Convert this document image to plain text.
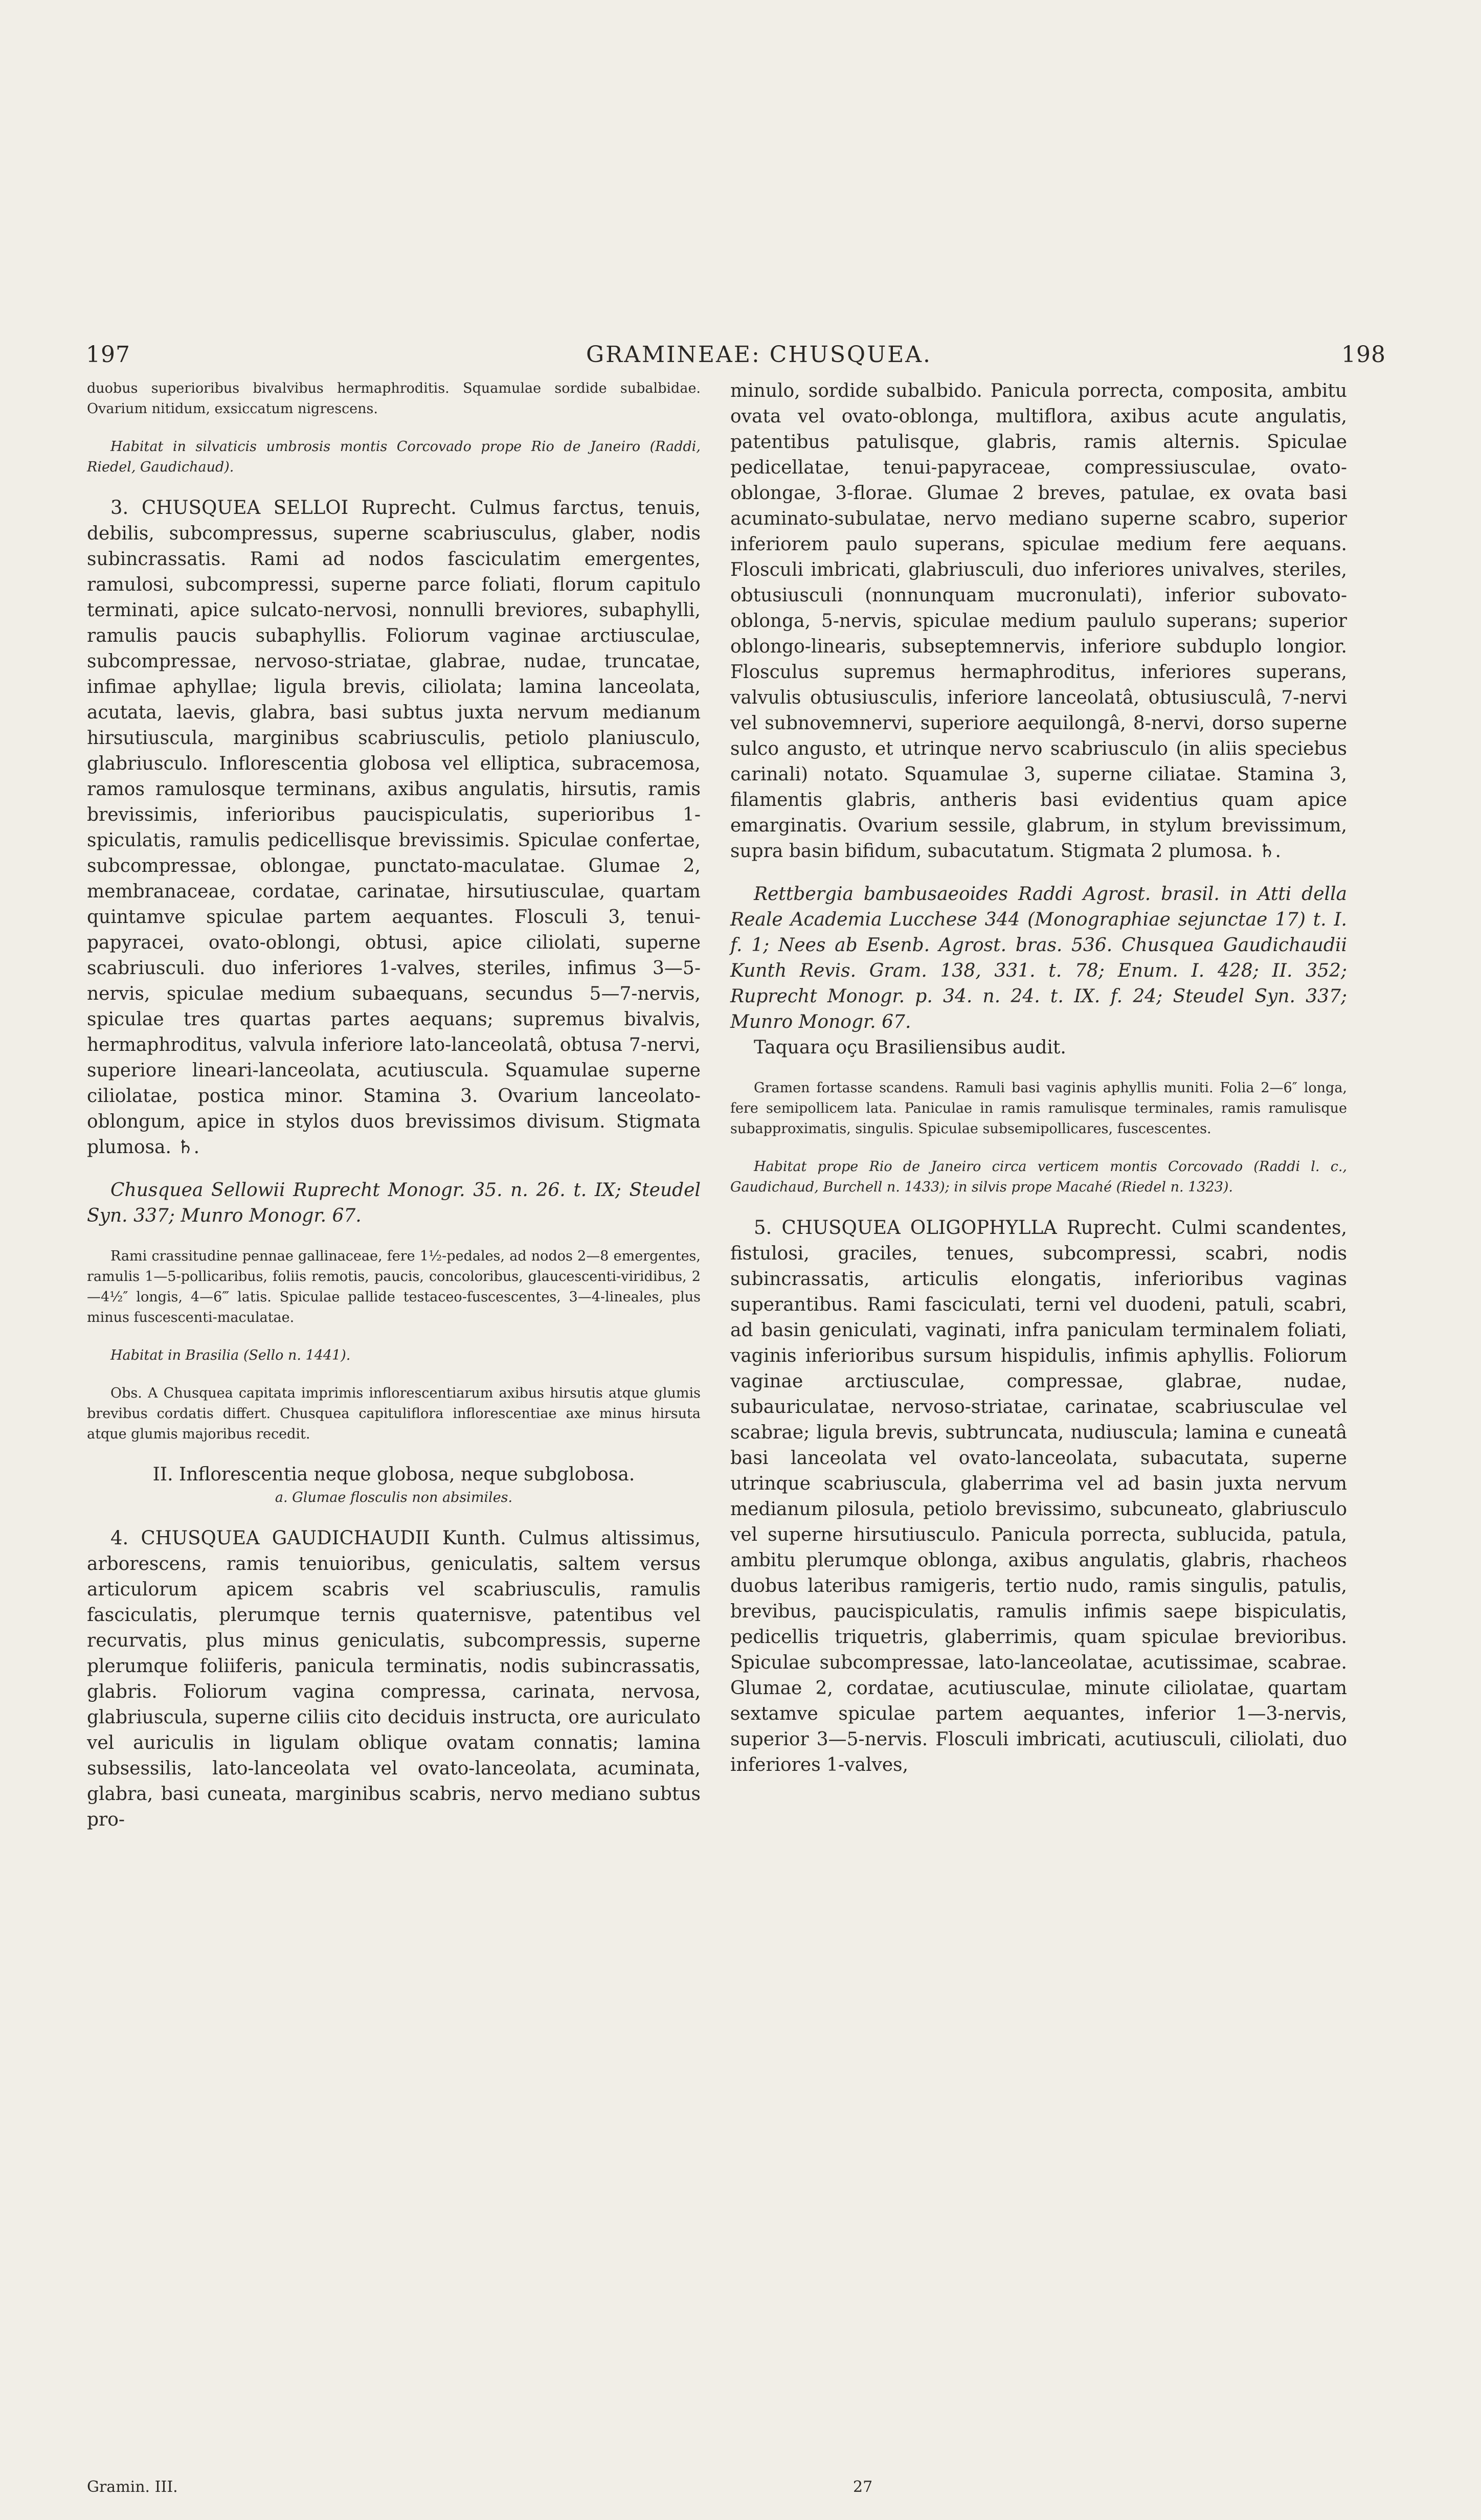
197	GRAMINEAE: CHUSQUEA.	198

duobus superioribus bivalvibus hermaphroditis. Squamulae sordide subalbidae. Ovarium nitidum, exsiccatum nigrescens.

Habitat in silvaticis umbrosis montis Corcovado prope Rio de Janeiro (Raddi, Riedel, Gaudichaud).

3. CHUSQUEA SELLOI Ruprecht. Culmus farctus, tenuis, debilis, subcompressus, superne scabriusculus, glaber, nodis subincrassatis. Rami ad nodos fasciculatim emergentes, ramulosi, subcompressi, superne parce foliati, florum capitulo terminati, apice sulcato-nervosi, nonnulli breviores, subaphylli, ramulis paucis subaphyllis. Foliorum vaginae arctiusculae, subcompressae, nervoso-striatae, glabrae, nudae, truncatae, infimae aphyllae; ligula brevis, ciliolata; lamina lanceolata, acutata, laevis, glabra, basi subtus juxta nervum medianum hirsutiuscula, marginibus scabriusculis, petiolo planiusculo, glabriusculo. Inflorescentia globosa vel elliptica, subracemosa, ramos ramulosque terminans, axibus angulatis, hirsutis, ramis brevissimis, inferioribus paucispiculatis, superioribus 1-spiculatis, ramulis pedicellisque brevissimis. Spiculae confertae, subcompressae, oblongae, punctato-maculatae. Glumae 2, membranaceae, cordatae, carinatae, hirsutiusculae, quartam quintamve spiculae partem aequantes. Flosculi 3, tenui-papyracei, ovato-oblongi, obtusi, apice ciliolati, superne scabriusculi. duo inferiores 1-valves, steriles, infimus 3—5-nervis, spiculae medium subaequans, secundus 5—7-nervis, spiculae tres quartas partes aequans; supremus bivalvis, hermaphroditus, valvula inferiore lato-lanceolatâ, obtusa 7-nervi, superiore lineari-lanceolata, acutiuscula. Squamulae superne ciliolatae, postica minor. Stamina 3. Ovarium lanceolato-oblongum, apice in stylos duos brevissimos divisum. Stigmata plumosa. ♄.

Chusquea Sellowii Ruprecht Monogr. 35. n. 26. t. IX; Steudel Syn. 337; Munro Monogr. 67.

Rami crassitudine pennae gallinaceae, fere 1½-pedales, ad nodos 2—8 emergentes, ramulis 1—5-pollicaribus, foliis remotis, paucis, concoloribus, glaucescenti-viridibus, 2—4½″ longis, 4—6‴ latis. Spiculae pallide testaceo-fuscescentes, 3—4-lineales, plus minus fuscescenti-maculatae.

Habitat in Brasilia (Sello n. 1441).

Obs. A Chusquea capitata imprimis inflorescentiarum axibus hirsutis atque glumis brevibus cordatis differt. Chusquea capituliflora inflorescentiae axe minus hirsuta atque glumis majoribus recedit.

II. Inflorescentia neque globosa, neque subglobosa.

a. Glumae flosculis non absimiles.

4. CHUSQUEA GAUDICHAUDII Kunth. Culmus altissimus, arborescens, ramis tenuioribus, geniculatis, saltem versus articulorum apicem scabris vel scabriusculis, ramulis fasciculatis, plerumque ternis quaternisve, patentibus vel recurvatis, plus minus geniculatis, subcompressis, superne plerumque foliiferis, panicula terminatis, nodis subincrassatis, glabris. Foliorum vagina compressa, carinata, nervosa, glabriuscula, superne ciliis cito deciduis instructa, ore auriculato vel auriculis in ligulam oblique ovatam connatis; lamina subsessilis, lato-lanceolata vel ovato-lanceolata, acuminata, glabra, basi cuneata, marginibus scabris, nervo mediano subtus pro-

minulo, sordide subalbido. Panicula porrecta, composita, ambitu ovata vel ovato-oblonga, multiflora, axibus acute angulatis, patentibus patulisque, glabris, ramis alternis. Spiculae pedicellatae, tenui-papyraceae, compressiusculae, ovato-oblongae, 3-florae. Glumae 2 breves, patulae, ex ovata basi acuminato-subulatae, nervo mediano superne scabro, superior inferiorem paulo superans, spiculae medium fere aequans. Flosculi imbricati, glabriusculi, duo inferiores univalves, steriles, obtusiusculi (nonnunquam mucronulati), inferior subovato-oblonga, 5-nervis, spiculae medium paululo superans; superior oblongo-linearis, subseptemnervis, inferiore subduplo longior. Flosculus supremus hermaphroditus, inferiores superans, valvulis obtusiusculis, inferiore lanceolatâ, obtusiusculâ, 7-nervi vel subnovemnervi, superiore aequilongâ, 8-nervi, dorso superne sulco angusto, et utrinque nervo scabriusculo (in aliis speciebus carinali) notato. Squamulae 3, superne ciliatae. Stamina 3, filamentis glabris, antheris basi evidentius quam apice emarginatis. Ovarium sessile, glabrum, in stylum brevissimum, supra basin bifidum, subacutatum. Stigmata 2 plumosa. ♄.

Rettbergia bambusaeoides Raddi Agrost. brasil. in Atti della Reale Academia Lucchese 344 (Monographiae sejunctae 17) t. I. f. 1; Nees ab Esenb. Agrost. bras. 536. Chusquea Gaudichaudii Kunth Revis. Gram. 138, 331. t. 78; Enum. I. 428; II. 352; Ruprecht Monogr. p. 34. n. 24. t. IX. f. 24; Steudel Syn. 337; Munro Monogr. 67.

Taquara oçu Brasiliensibus audit.

Gramen fortasse scandens. Ramuli basi vaginis aphyllis muniti. Folia 2—6″ longa, fere semipollicem lata. Paniculae in ramis ramulisque terminales, ramis ramulisque subapproximatis, singulis. Spiculae subsemipollicares, fuscescentes.

Habitat prope Rio de Janeiro circa verticem montis Corcovado (Raddi l. c., Gaudichaud, Burchell n. 1433); in silvis prope Macahé (Riedel n. 1323).

5. CHUSQUEA OLIGOPHYLLA Ruprecht. Culmi scandentes, fistulosi, graciles, tenues, subcompressi, scabri, nodis subincrassatis, articulis elongatis, inferioribus vaginas superantibus. Rami fasciculati, terni vel duodeni, patuli, scabri, ad basin geniculati, vaginati, infra paniculam terminalem foliati, vaginis inferioribus sursum hispidulis, infimis aphyllis. Foliorum vaginae arctiusculae, compressae, glabrae, nudae, subauriculatae, nervoso-striatae, carinatae, scabriusculae vel scabrae; ligula brevis, subtruncata, nudiuscula; lamina e cuneatâ basi lanceolata vel ovato-lanceolata, subacutata, superne utrinque scabriuscula, glaberrima vel ad basin juxta nervum medianum pilosula, petiolo brevissimo, subcuneato, glabriusculo vel superne hirsutiusculo. Panicula porrecta, sublucida, patula, ambitu plerumque oblonga, axibus angulatis, glabris, rhacheos duobus lateribus ramigeris, tertio nudo, ramis singulis, patulis, brevibus, paucispiculatis, ramulis infimis saepe bispiculatis, pedicellis triquetris, glaberrimis, quam spiculae brevioribus. Spiculae subcompressae, lato-lanceolatae, acutissimae, scabrae. Glumae 2, cordatae, acutiusculae, minute ciliolatae, quartam sextamve spiculae partem aequantes, inferior 1—3-nervis, superior 3—5-nervis. Flosculi imbricati, acutiusculi, ciliolati, duo inferiores 1-valves,

Gramin. III.	27
